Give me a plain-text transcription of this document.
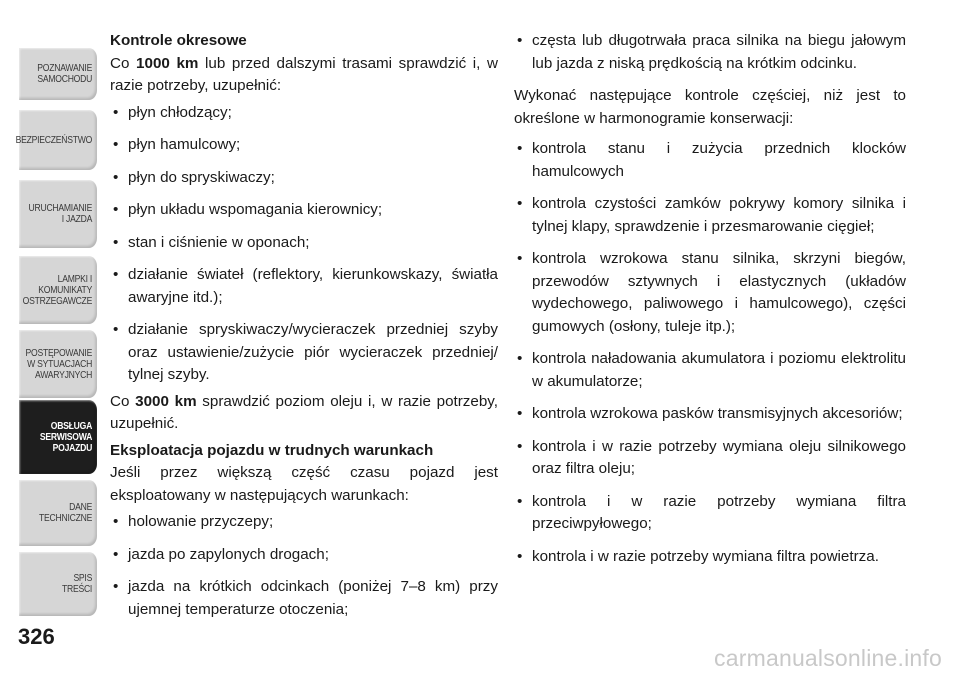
POZNAWANIE
SAMOCHODU
BEZPIECZEŃSTWO
URUCHAMIANIE
I JAZDA
LAMPKI I
KOMUNIKATY
OSTRZEGAWCZE
POSTĘPOWANIE
W SYTUACJACH
AWARYJNYCH
OBSŁUGA
SERWISOWA
POJAZDU
DANE
TECHNICZNE
SPIS
TREŚCI
326
Kontrole okresowe

Co 1000 km lub przed dalszymi trasami sprawdzić i, w razie potrzeby, uzupełnić:

• płyn chłodzący;
• płyn hamulcowy;
• płyn do spryskiwaczy;
• płyn układu wspomagania kierownicy;
• stan i ciśnienie w oponach;
• działanie świateł (reflektory, kierunkowskazy, światła awaryjne itd.);
• działanie spryskiwaczy/wycieraczek przedniej szyby oraz ustawienie/zużycie piór wycieraczek przedniej/ tylnej szyby.

Co 3000 km sprawdzić poziom oleju i, w razie potrzeby, uzupełnić.

Eksploatacja pojazdu w trudnych warunkach

Jeśli przez większą część czasu pojazd jest eksploatowany w następujących warunkach:

• holowanie przyczepy;
• jazda po zapylonych drogach;
• jazda na krótkich odcinkach (poniżej 7–8 km) przy ujemnej temperaturze otoczenia;
• częsta lub długotrwała praca silnika na biegu jałowym lub jazda z niską prędkością na krótkim odcinku.

Wykonać następujące kontrole częściej, niż jest to określone w harmonogramie konserwacji:

• kontrola stanu i zużycia przednich klocków hamulcowych
• kontrola czystości zamków pokrywy komory silnika i tylnej klapy, sprawdzenie i przesmarowanie cięgieł;
• kontrola wzrokowa stanu silnika, skrzyni biegów, przewodów sztywnych i elastycznych (układów wydechowego, paliwowego i hamulcowego), części gumowych (osłony, tuleje itp.);
• kontrola naładowania akumulatora i poziomu elektrolitu w akumulatorze;
• kontrola wzrokowa pasków transmisyjnych akcesoriów;
• kontrola i w razie potrzeby wymiana oleju silnikowego oraz filtra oleju;
• kontrola i w razie potrzeby wymiana filtra przeciwpyłowego;
• kontrola i w razie potrzeby wymiana filtra powietrza.
carmanualsonline.info
